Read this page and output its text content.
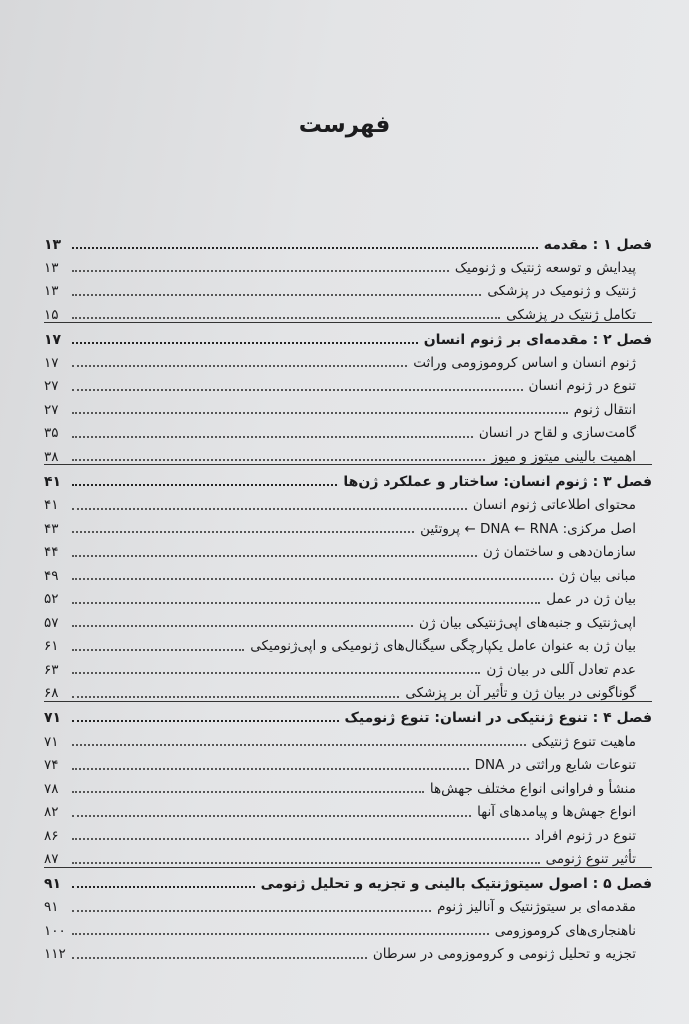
فهرست
فصل ۱ : مقدمه
۱۳
پیدایش و توسعه ژنتیک و ژنومیک
۱۳
ژنتیک و ژنومیک در پزشکی
۱۳
تکامل ژنتیک در پزشکی
۱۵
فصل ۲ : مقدمه‌ای بر ژنوم انسان
۱۷
ژنوم انسان و اساس کروموزومی وراثت
۱۷
تنوع در ژنوم انسان
۲۷
انتقال ژنوم
۲۷
گامت‌سازی و لقاح در انسان
۳۵
اهمیت بالینی میتوز و میوز
۳۸
فصل ۳ : ژنوم انسان: ساختار و عملکرد ژن‌ها
۴۱
محتوای اطلاعاتی ژنوم انسان
۴۱
اصل مرکزی: DNA ← RNA ← پروتئین
۴۳
سازمان‌دهی و ساختمان ژن
۴۴
مبانی بیان ژن
۴۹
بیان ژن در عمل
۵۲
اپی‌ژنتیک و جنبه‌های اپی‌ژنتیکی بیان ژن
۵۷
بیان ژن به عنوان عامل یکپارچگی سیگنال‌های ژنومیکی و اپی‌ژنومیکی
۶۱
عدم تعادل آللی در بیان ژن
۶۳
گوناگونی در بیان ژن و تأثیر آن بر پزشکی
۶۸
فصل ۴ : تنوع ژنتیکی در انسان: تنوع ژنومیک
۷۱
ماهیت تنوع ژنتیکی
۷۱
تنوعات شایع وراثتی در DNA
۷۴
منشأ و فراوانی انواع مختلف جهش‌ها
۷۸
انواع جهش‌ها و پیامدهای آنها
۸۲
تنوع در ژنوم افراد
۸۶
تأثیر تنوع ژنومی
۸۷
فصل ۵ : اصول سیتوژنتیک بالینی و تجزیه و تحلیل ژنومی
۹۱
مقدمه‌ای بر سیتوژنتیک و آنالیز ژنوم
۹۱
ناهنجاری‌های کروموزومی
۱۰۰
تجزیه و تحلیل ژنومی و کروموزومی در سرطان
۱۱۲
